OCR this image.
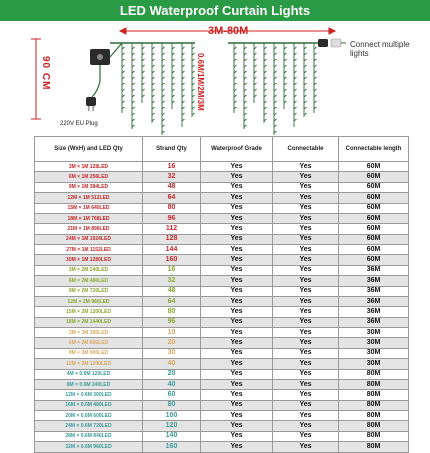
LED Waterproof Curtain Lights
3M-80M
90 CM	0.6M/1M/2M/3M
Connect multiple lights
220V EU Plug
Size (WxH) and LED Qty	Strand Qty	Waterproof Grade	Connectable	Connectable length
3M × 1M 128LED	16	Yes	Yes	60M
6M × 1M 256LED	32	Yes	Yes	60M
9M × 1M 384LED	48	Yes	Yes	60M
12M × 1M 512LED	64	Yes	Yes	60M
15M × 1M 640LED	80	Yes	Yes	60M
18M × 1M 768LED	96	Yes	Yes	60M
21M × 1M 896LED	112	Yes	Yes	60M
24M × 1M 1024LED	128	Yes	Yes	60M
27M × 1M 1152LED	144	Yes	Yes	60M
30M × 1M 1280LED	160	Yes	Yes	60M
3M × 2M 240LED	16	Yes	Yes	36M
6M × 2M 480LED	32	Yes	Yes	36M
9M × 2M 720LED	48	Yes	Yes	36M
12M × 2M 960LED	64	Yes	Yes	36M
15M × 2M 1200LED	80	Yes	Yes	36M
18M × 2M 1440LED	96	Yes	Yes	36M
3M × 3M 300LED	10	Yes	Yes	30M
6M × 3M 600LED	20	Yes	Yes	30M
9M × 3M 900LED	30	Yes	Yes	30M
12M × 3M 1200LED	40	Yes	Yes	30M
4M × 0.6M 120LED	20	Yes	Yes	80M
8M × 0.6M 240LED	40	Yes	Yes	80M
12M × 0.6M 360LED	60	Yes	Yes	80M
16M × 0.6M 480LED	80	Yes	Yes	80M
20M × 0.6M 600LED	100	Yes	Yes	80M
24M × 0.6M 720LED	120	Yes	Yes	80M
28M × 0.6M 840LED	140	Yes	Yes	80M
32M × 0.6M 960LED	160	Yes	Yes	80M
